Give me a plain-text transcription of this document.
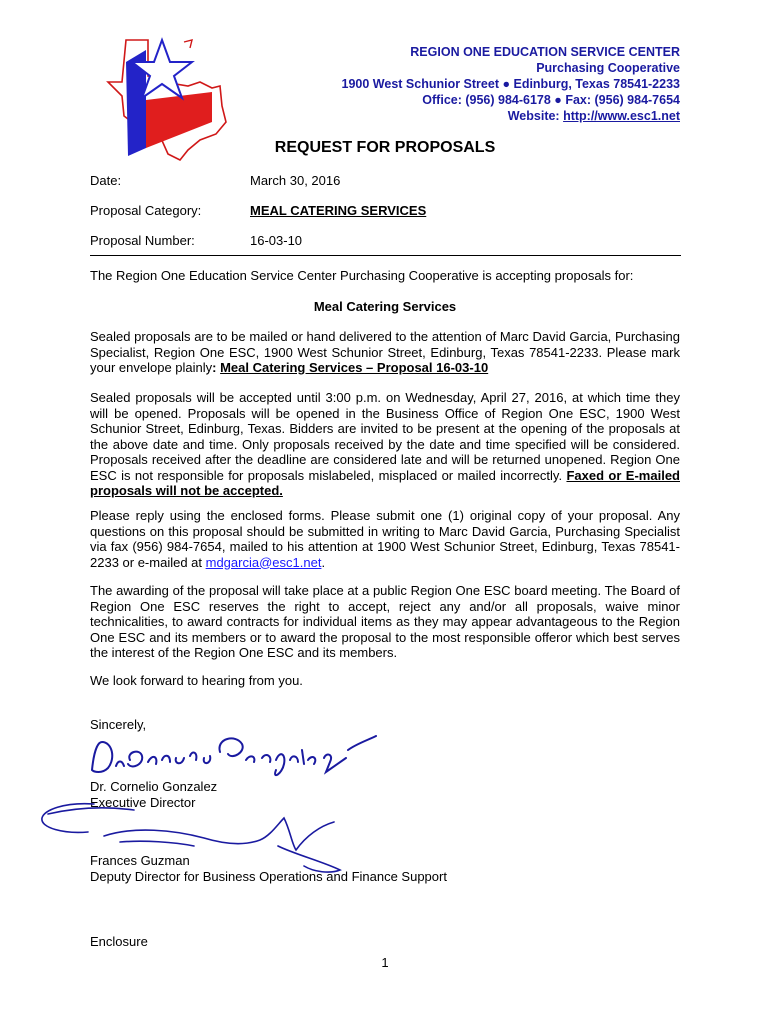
REGION ONE EDUCATION SERVICE CENTER
Purchasing Cooperative
1900 West Schunior Street ● Edinburg, Texas 78541-2233
Office: (956) 984-6178 ● Fax: (956) 984-7654
Website: http://www.esc1.net
REQUEST FOR PROPOSALS
Date:	March 30, 2016
Proposal Category:	MEAL CATERING SERVICES
Proposal Number:	16-03-10
The Region One Education Service Center Purchasing Cooperative is accepting proposals for:
Meal Catering Services
Sealed proposals are to be mailed or hand delivered to the attention of Marc David Garcia, Purchasing Specialist, Region One ESC, 1900 West Schunior Street, Edinburg, Texas 78541-2233. Please mark your envelope plainly: Meal Catering Services – Proposal 16-03-10
Sealed proposals will be accepted until 3:00 p.m. on Wednesday, April 27, 2016, at which time they will be opened. Proposals will be opened in the Business Office of Region One ESC, 1900 West Schunior Street, Edinburg, Texas. Bidders are invited to be present at the opening of the proposals at the above date and time. Only proposals received by the date and time specified will be considered. Proposals received after the deadline are considered late and will be returned unopened. Region One ESC is not responsible for proposals mislabeled, misplaced or mailed incorrectly. Faxed or E-mailed proposals will not be accepted.
Please reply using the enclosed forms. Please submit one (1) original copy of your proposal. Any questions on this proposal should be submitted in writing to Marc David Garcia, Purchasing Specialist via fax (956) 984-7654, mailed to his attention at 1900 West Schunior Street, Edinburg, Texas 78541-2233 or e-mailed at mdgarcia@esc1.net.
The awarding of the proposal will take place at a public Region One ESC board meeting. The Board of Region One ESC reserves the right to accept, reject any and/or all proposals, waive minor technicalities, to award contracts for individual items as they may appear advantageous to the Region One ESC and its members or to award the proposal to the most responsible offeror which best serves the interest of the Region One ESC and its members.
We look forward to hearing from you.
Sincerely,
Dr. Cornelio Gonzalez
Executive Director
Frances Guzman
Deputy Director for Business Operations and Finance Support
Enclosure
1
